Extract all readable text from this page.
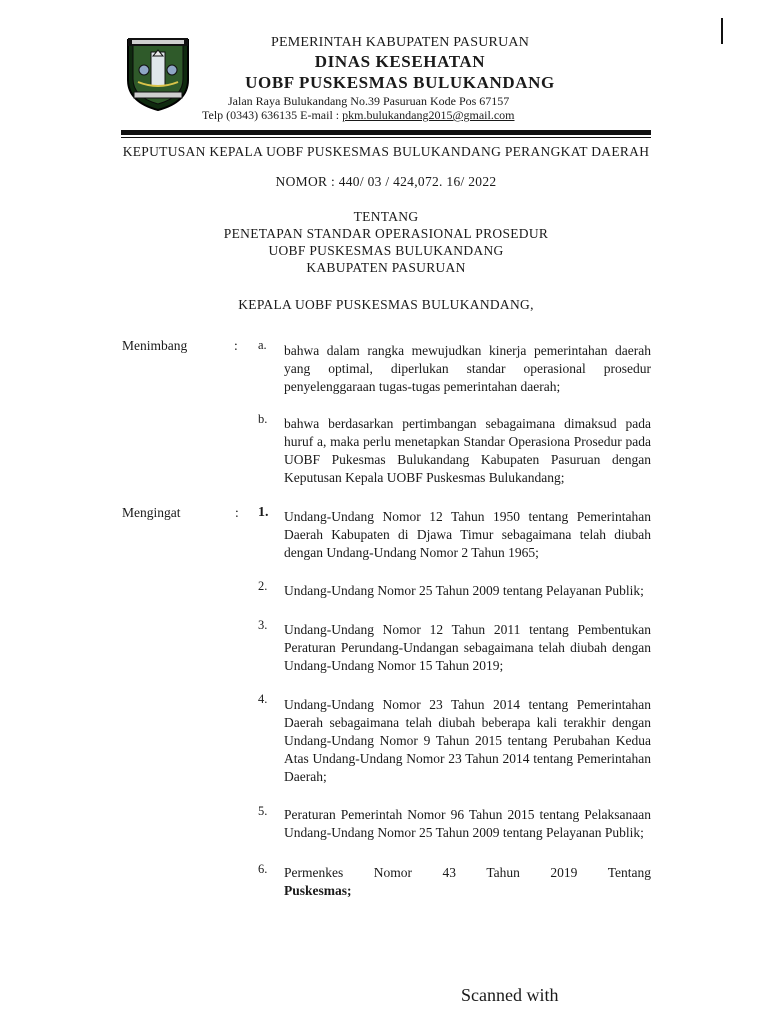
PEMERINTAH KABUPATEN PASURUAN
DINAS KESEHATAN
UOBF PUSKESMAS BULUKANDANG
Jalan Raya Bulukandang No.39 Pasuruan Kode Pos 67157
Telp (0343) 636135 E-mail : pkm.bulukandang2015@gmail.com
KEPUTUSAN KEPALA UOBF PUSKESMAS BULUKANDANG PERANGKAT DAERAH
NOMOR : 440/ 03 / 424,072. 16/ 2022
TENTANG
PENETAPAN STANDAR OPERASIONAL PROSEDUR
UOBF PUSKESMAS BULUKANDANG
KABUPATEN PASURUAN
KEPALA UOBF PUSKESMAS BULUKANDANG,
Menimbang	: a. bahwa dalam rangka mewujudkan kinerja pemerintahan daerah yang optimal, diperlukan standar operasional prosedur penyelenggaraan tugas-tugas pemerintahan daerah;
b. bahwa berdasarkan pertimbangan sebagaimana dimaksud pada huruf a, maka perlu menetapkan Standar Operasiona Prosedur pada UOBF Pukesmas Bulukandang Kabupaten Pasuruan dengan Keputusan Kepala UOBF Puskesmas Bulukandang;
Mengingat	: 1. Undang-Undang Nomor 12 Tahun 1950 tentang Pemerintahan Daerah Kabupaten di Djawa Timur sebagaimana telah diubah dengan Undang-Undang Nomor 2 Tahun 1965;
2. Undang-Undang Nomor 25 Tahun 2009 tentang Pelayanan Publik;
3. Undang-Undang Nomor 12 Tahun 2011 tentang Pembentukan Peraturan Perundang-Undangan sebagaimana telah diubah dengan Undang-Undang Nomor 15 Tahun 2019;
4. Undang-Undang Nomor 23 Tahun 2014 tentang Pemerintahan Daerah sebagaimana telah diubah beberapa kali terakhir dengan Undang-Undang Nomor 9 Tahun 2015 tentang Perubahan Kedua Atas Undang-Undang Nomor 23 Tahun 2014 tentang Pemerintahan Daerah;
5. Peraturan Pemerintah Nomor 96 Tahun 2015 tentang Pelaksanaan Undang-Undang Nomor 25 Tahun 2009 tentang Pelayanan Publik;
6. Permenkes Nomor 43 Tahun 2019 Tentang
Puskesmas;
Scanned with
